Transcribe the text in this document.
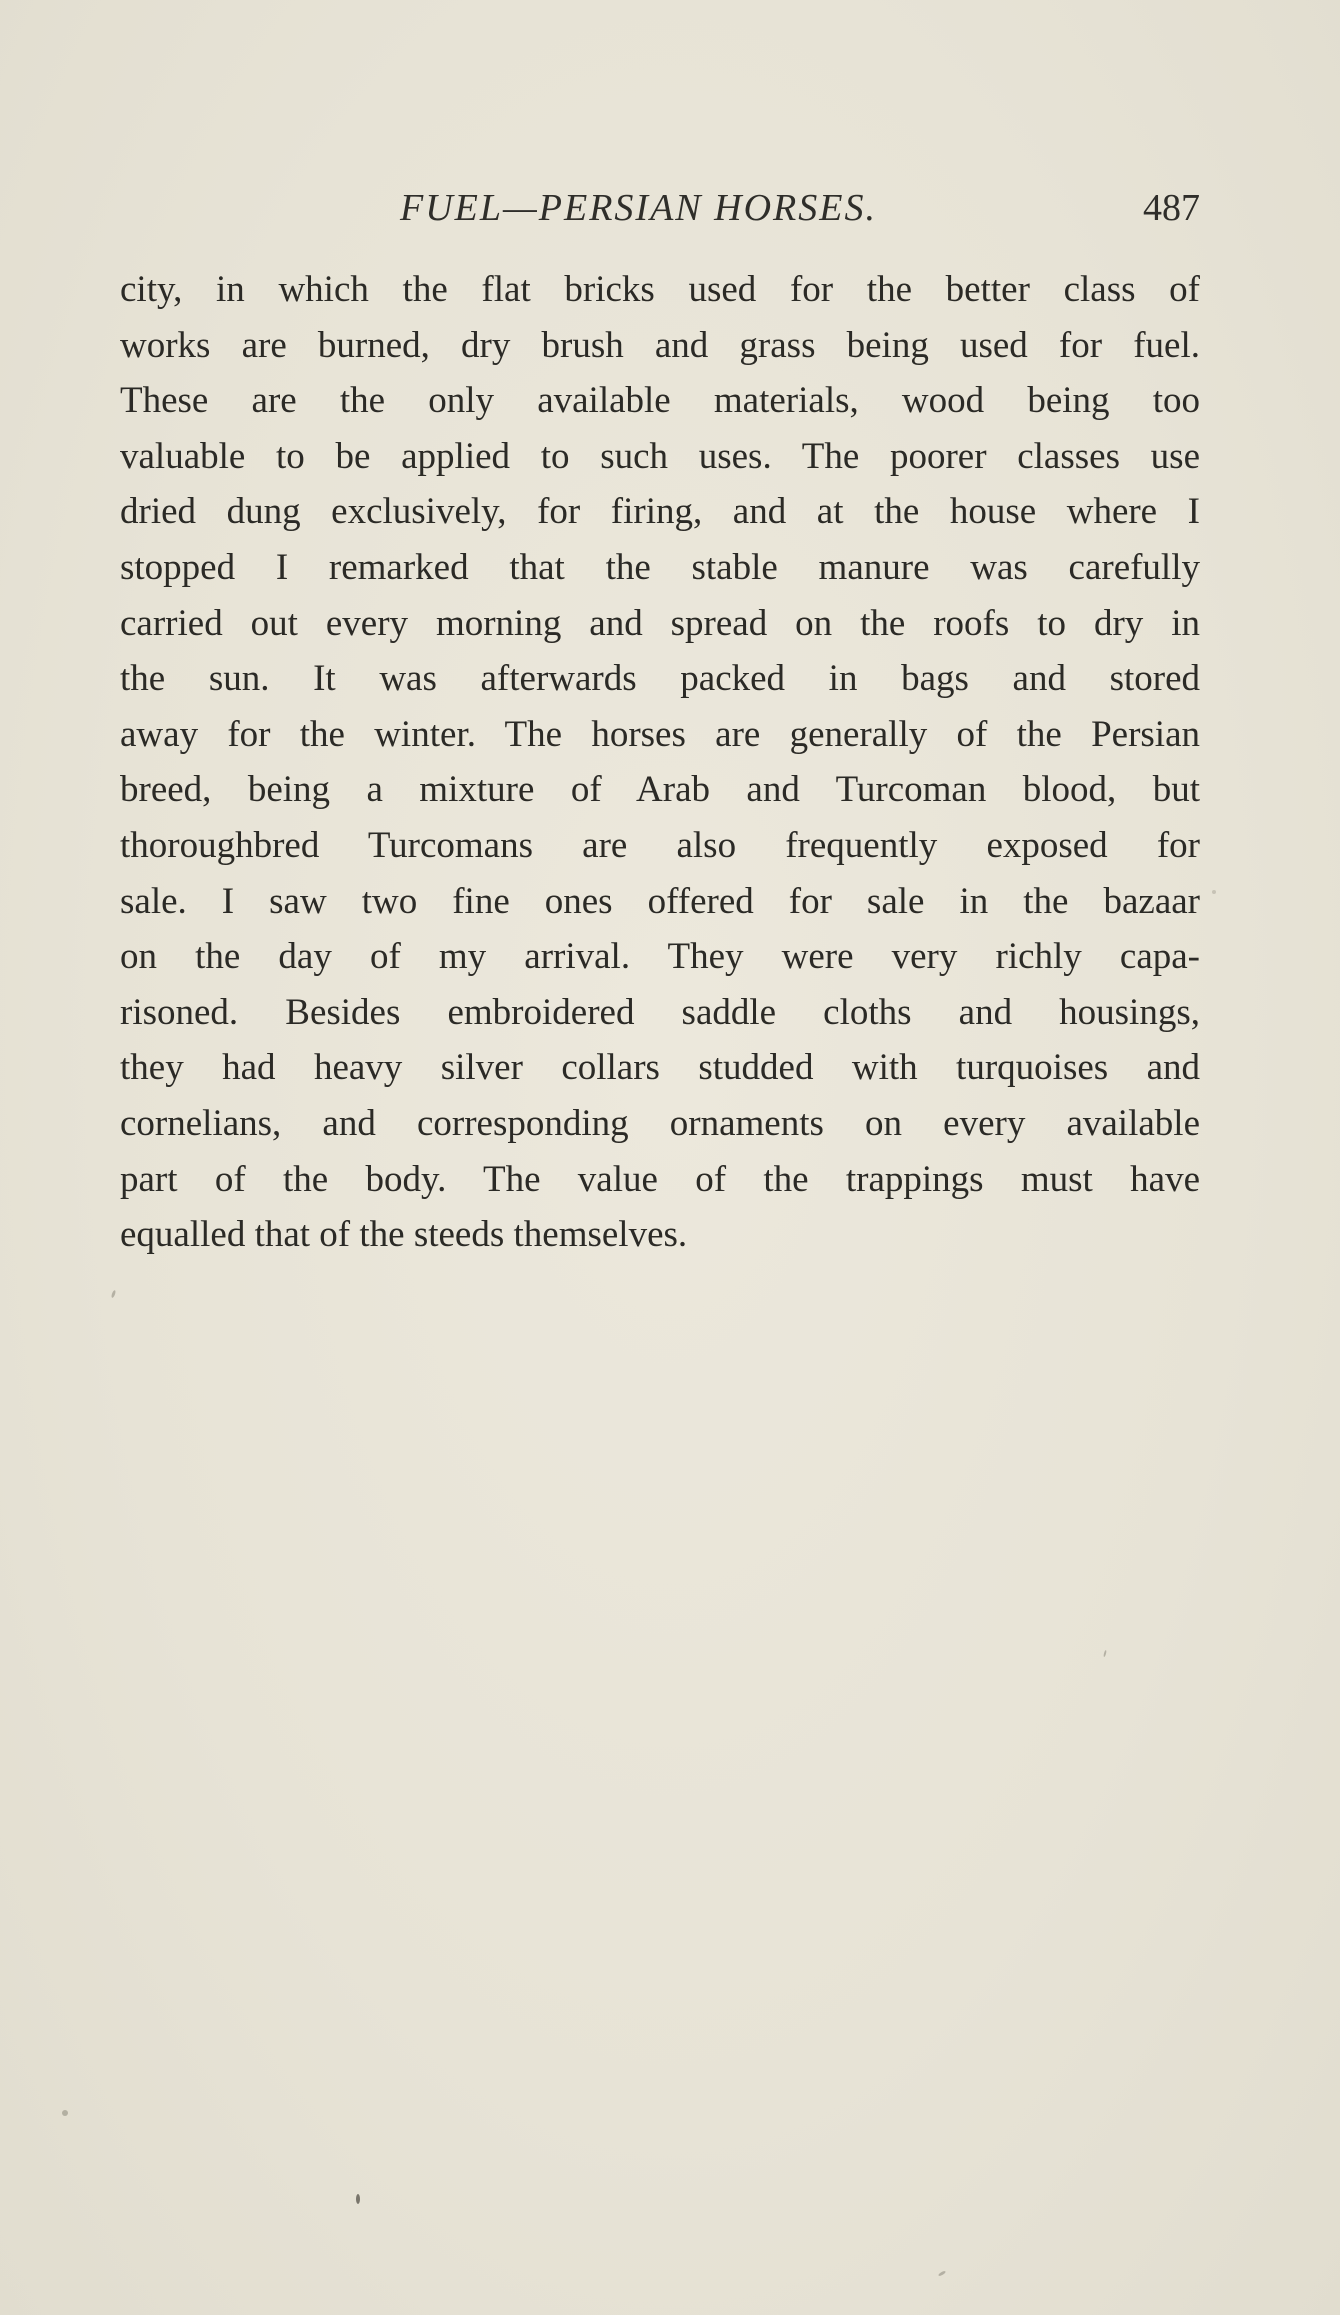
FUEL—PERSIAN HORSES.	487
city, in which the flat bricks used for the better class of
works are burned, dry brush and grass being used for fuel.
These are the only available materials, wood being too
valuable to be applied to such uses. The poorer classes use
dried dung exclusively, for firing, and at the house where I
stopped I remarked that the stable manure was carefully
carried out every morning and spread on the roofs to dry in
the sun. It was afterwards packed in bags and stored
away for the winter. The horses are generally of the Persian
breed, being a mixture of Arab and Turcoman blood, but
thoroughbred Turcomans are also frequently exposed for
sale. I saw two fine ones offered for sale in the bazaar
on the day of my arrival. They were very richly capa-
risoned. Besides embroidered saddle cloths and housings,
they had heavy silver collars studded with turquoises and
cornelians, and corresponding ornaments on every available
part of the body. The value of the trappings must have
equalled that of the steeds themselves.
